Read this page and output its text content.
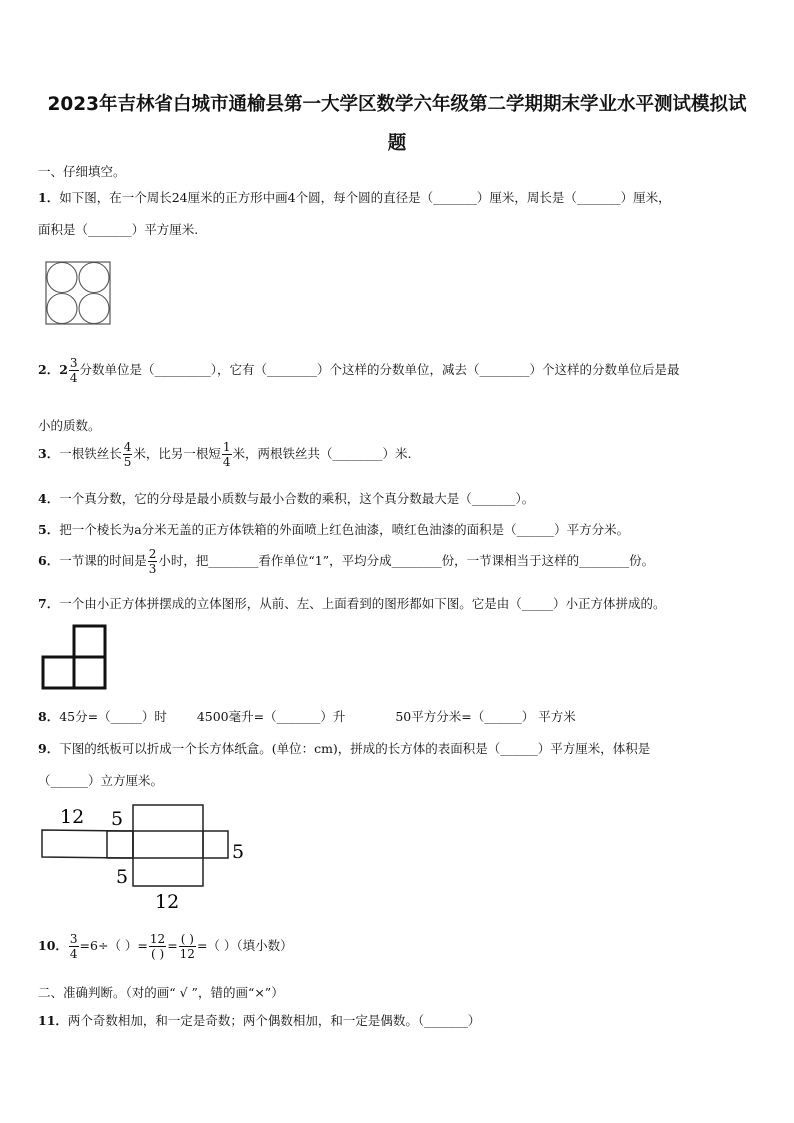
2023年吉林省白城市通榆县第一大学区数学六年级第二学期期末学业水平测试模拟试
题
一、仔细填空。
1．如下图，在一个周长24厘米的正方形中画4个圆，每个圆的直径是（_______）厘米，周长是（_______）厘米，
面积是（_______）平方厘米.
2．$2 \frac{3}{4}$ 分数单位是（_________），它有（________）个这样的分数单位，减去（________）个这样的分数单位后是最
小的质数。
3．一根铁丝长 $\frac{4}{5}$ 米，比另一根短 $\frac{1}{4}$ 米，两根铁丝共（________）米.
4．一个真分数，它的分母是最小质数与最小合数的乘积，这个真分数最大是（_______）。
5．把一个棱长为a分米无盖的正方体铁箱的外面喷上红色油漆，喷红色油漆的面积是（______）平方分米。
6．一节课的时间是 $\frac{2}{3}$ 小时，把________看作单位“1”，平均分成________份，一节课相当于这样的________份。
7．一个由小正方体拼摆成的立体图形，从前、左、上面看到的图形都如下图。它是由（_____）小正方体拼成的。
8．45分=（_____）时 4500毫升=（_______）升	50平方分米=（______） 平方米
9．下图的纸板可以折成一个长方体纸盒。(单位：cm)，拼成的长方体的表面积是（______）平方厘米，体积是
（______）立方厘米。
12 5
5
5
12
10． $\frac{3}{4} =6\div$（ ）= $\frac{12}{( )} = \frac{( )}{12}$ =（ ）（填小数）
二、准确判断。（对的画“ √ ”，错的画“×”）
11．两个奇数相加，和一定是奇数；两个偶数相加，和一定是偶数。（_______）
